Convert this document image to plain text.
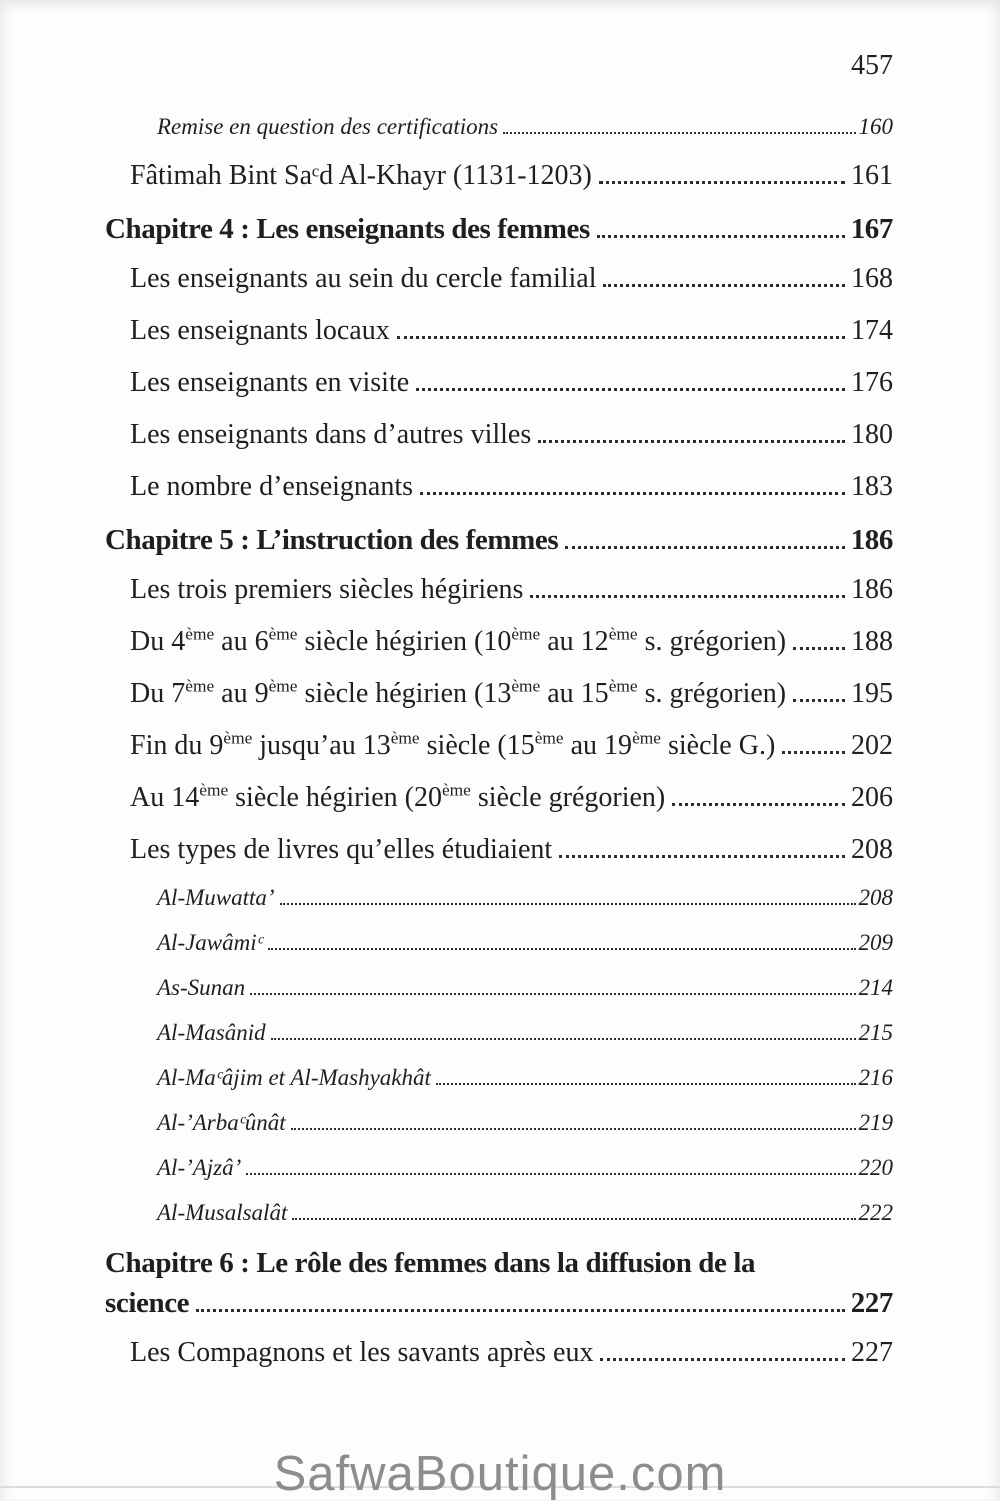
457
Remise en question des certifications	160
Fâtimah Bint Saᶜd Al-Khayr (1131-1203)	161
Chapitre 4 : Les enseignants des femmes	167
Les enseignants au sein du cercle familial	168
Les enseignants locaux	174
Les enseignants en visite	176
Les enseignants dans d’autres villes	180
Le nombre d’enseignants	183
Chapitre 5 : L’instruction des femmes	186
Les trois premiers siècles hégiriens	186
Du 4ème au 6ème siècle hégirien (10ème au 12ème s. grégorien) 188
Du 7ème au 9ème siècle hégirien (13ème au 15ème s. grégorien) 195
Fin du 9ème jusqu’au 13ème siècle (15ème au 19ème siècle G.)	202
Au 14ème siècle hégirien (20ème siècle grégorien)	206
Les types de livres qu’elles étudiaient	208
Al-Muwatta’	208
Al-Jawâmiᶜ	209
As-Sunan	214
Al-Masânid	215
Al-Maᶜâjim et Al-Mashyakhât	216
Al-’Arbaᶜûnât	219
Al-’Ajzâ’	220
Al-Musalsalât	222
Chapitre 6 : Le rôle des femmes dans la diffusion de la
science	227
Les Compagnons et les savants après eux	227
SafwaBoutique.com
